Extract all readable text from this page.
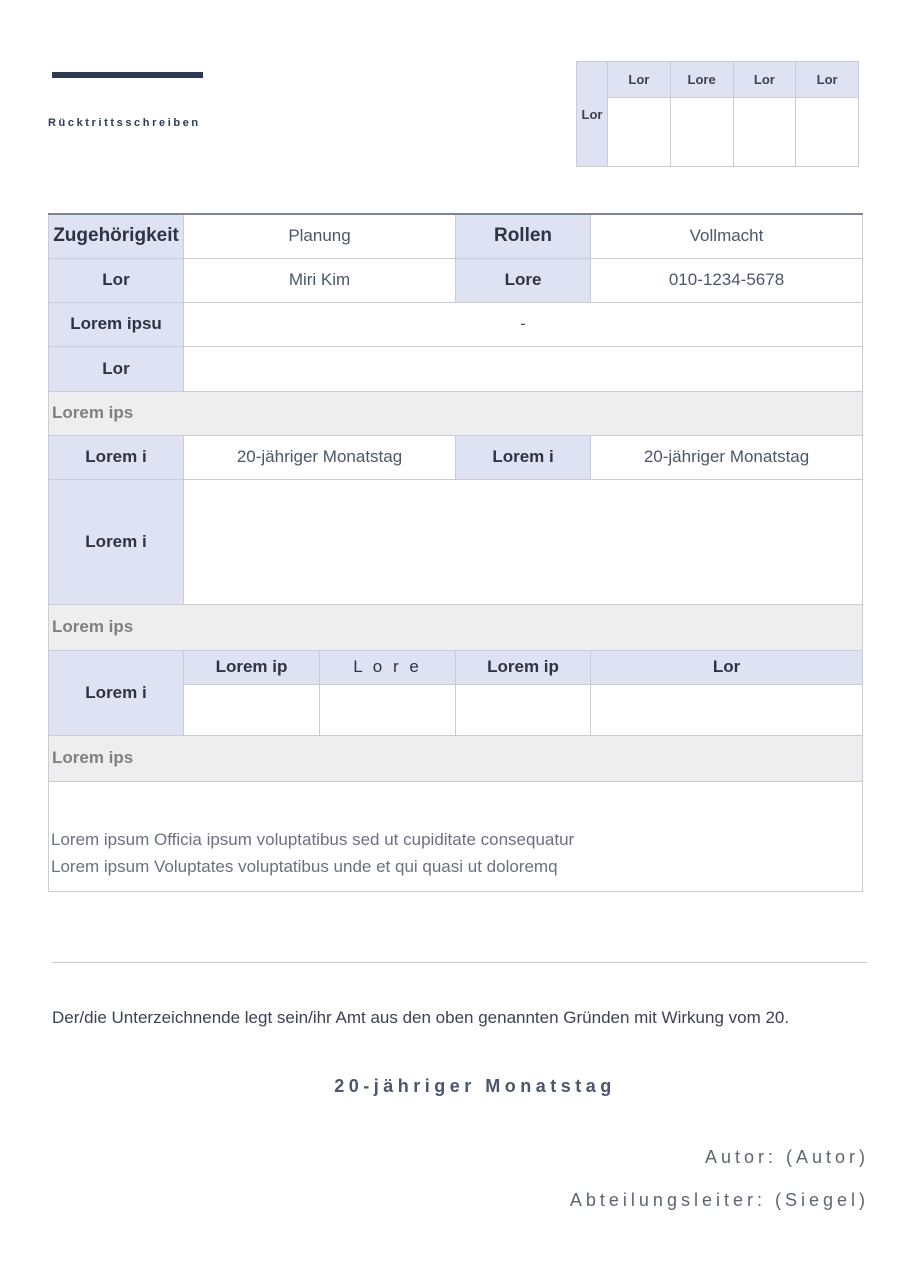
Rücktrittsschreiben
Lor	Lor	Lore	Lor	Lor

Zugehörigkeit	Planung		Rollen	Vollmacht
Lor	Miri Kim		Lore	010-1234-5678
Lorem ipsu	-			
Lor				
Lorem ips				
Lorem i	20-jähriger Monatstag		Lorem i	20-jähriger Monatstag
Lorem i				
Lorem ips				
Lorem i	Lorem ip	L o r e	Lorem ip	Lor

Lorem ips				

Lorem ipsum Officia ipsum voluptatibus sed ut cupiditate consequatur
Lorem ipsum Voluptates voluptatibus unde et qui quasi ut doloremq				
Der/die Unterzeichnende legt sein/ihr Amt aus den oben genannten Gründen mit Wirkung vom 20.
20-jähriger Monatstag
Autor: (Autor)
Abteilungsleiter: (Siegel)
